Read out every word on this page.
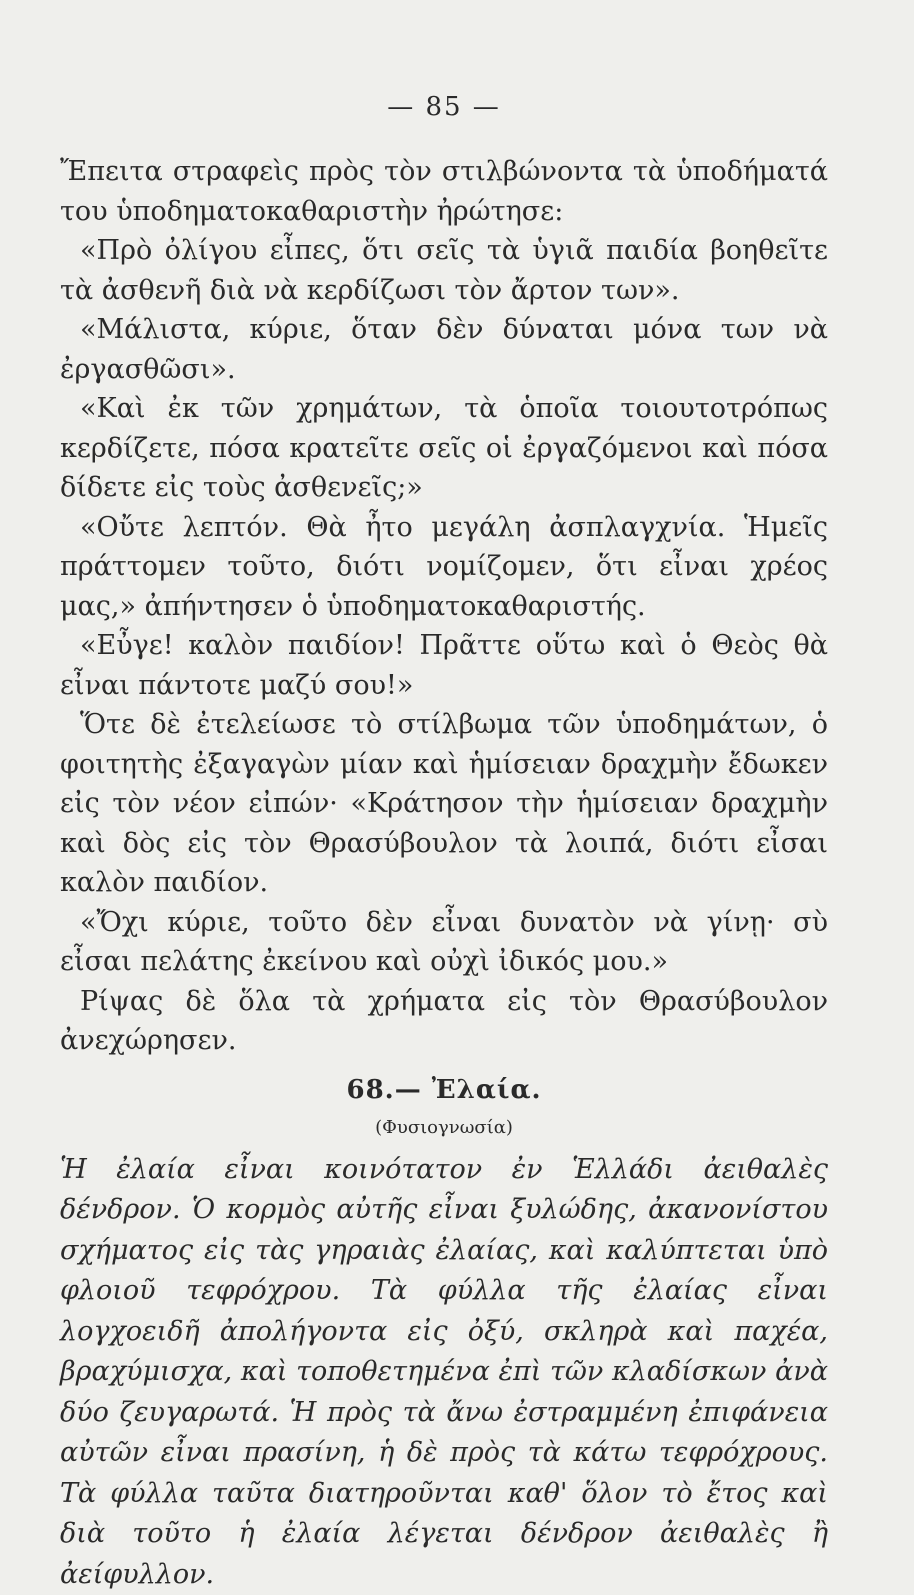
— 85 —

Ἔπειτα στραφεὶς πρὸς τὸν στιλβώνοντα τὰ ὑποδήματά του ὑποδηματοκαθαριστὴν ἠρώτησε:

«Πρὸ ὀλίγου εἶπες, ὅτι σεῖς τὰ ὑγιᾶ παιδία βοηθεῖτε τὰ ἀσθενῆ διὰ νὰ κερδίζωσι τὸν ἄρτον των».

«Μάλιστα, κύριε, ὅταν δὲν δύναται μόνα των νὰ ἐργασθῶσι».

«Καὶ ἐκ τῶν χρημάτων, τὰ ὁποῖα τοιουτοτρόπως κερδίζετε, πόσα κρατεῖτε σεῖς οἱ ἐργαζόμενοι καὶ πόσα δίδετε εἰς τοὺς ἀσθενεῖς;»

«Οὔτε λεπτόν. Θὰ ἦτο μεγάλη ἀσπλαγχνία. Ἡμεῖς πράττομεν τοῦτο, διότι νομίζομεν, ὅτι εἶναι χρέος μας,» ἀπήντησεν ὁ ὑποδηματοκαθαριστής.

«Εὖγε! καλὸν παιδίον! Πρᾶττε οὕτω καὶ ὁ Θεὸς θὰ εἶναι πάντοτε μαζύ σου!»

Ὅτε δὲ ἐτελείωσε τὸ στίλβωμα τῶν ὑποδημάτων, ὁ φοιτητὴς ἐξαγαγὼν μίαν καὶ ἡμίσειαν δραχμὴν ἔδωκεν εἰς τὸν νέον εἰπών· «Κράτησον τὴν ἡμίσειαν δραχμὴν καὶ δὸς εἰς τὸν Θρασύβουλον τὰ λοιπά, διότι εἶσαι καλὸν παιδίον.

«Ὄχι κύριε, τοῦτο δὲν εἶναι δυνατὸν νὰ γίνῃ· σὺ εἶσαι πελάτης ἐκείνου καὶ οὐχὶ ἰδικός μου.»

Ρίψας δὲ ὅλα τὰ χρήματα εἰς τὸν Θρασύβουλον ἀνεχώρησεν.

68.— Ἐλαία.
(Φυσιογνωσία)

Ἡ ἐλαία εἶναι κοινότατον ἐν Ἑλλάδι ἀειθαλὲς δένδρον. Ὁ κορμὸς αὐτῆς εἶναι ξυλώδης, ἀκανονίστου σχήματος εἰς τὰς γηραιὰς ἐλαίας, καὶ καλύπτεται ὑπὸ φλοιοῦ τεφρόχρου. Τὰ φύλλα τῆς ἐλαίας εἶναι λογχοειδῆ ἀπολήγοντα εἰς ὀξύ, σκληρὰ καὶ παχέα, βραχύμισχα, καὶ τοποθετημένα ἐπὶ τῶν κλαδίσκων ἀνὰ δύο ζευγαρωτά. Ἡ πρὸς τὰ ἄνω ἐστραμμένη ἐπιφάνεια αὐτῶν εἶναι πρασίνη, ἡ δὲ πρὸς τὰ κάτω τεφρόχρους. Τὰ φύλλα ταῦτα διατηροῦνται καθ' ὅλον τὸ ἔτος καὶ διὰ τοῦτο ἡ ἐλαία λέγεται δένδρον ἀειθαλὲς ἢ ἀείφυλλον.
